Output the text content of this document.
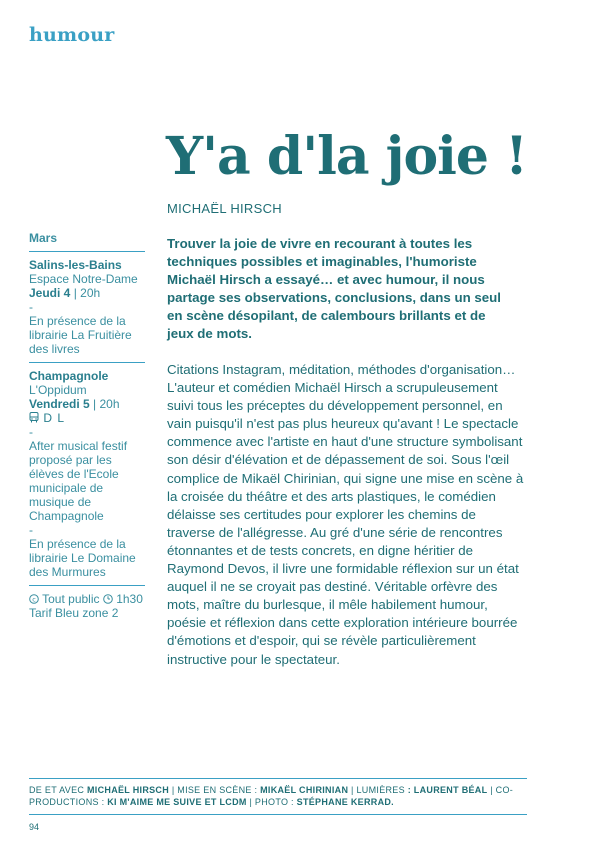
humour
Y'a d'la joie !
MICHAËL HIRSCH
Mars
Salins-les-Bains
Espace Notre-Dame
Jeudi 4 | 20h
-
En présence de la librairie La Fruitière des livres
Champagnole
L'Oppidum
Vendredi 5 | 20h
D L
-
After musical festif proposé par les élèves de l'Ecole municipale de musique de Champagnole
-
En présence de la librairie Le Domaine des Murmures
c Tout public 1h30
Tarif Bleu zone 2

Trouver la joie de vivre en recourant à toutes les techniques possibles et imaginables, l'humoriste Michaël Hirsch a essayé… et avec humour, il nous partage ses observations, conclusions, dans un seul en scène désopilant, de calembours brillants et de jeux de mots.

Citations Instagram, méditation, méthodes d'organisation… L'auteur et comédien Michaël Hirsch a scrupuleusement suivi tous les préceptes du développement personnel, en vain puisqu'il n'est pas plus heureux qu'avant ! Le spectacle commence avec l'artiste en haut d'une structure symbolisant son désir d'élévation et de dépassement de soi. Sous l'œil complice de Mikaël Chirinian, qui signe une mise en scène à la croisée du théâtre et des arts plastiques, le comédien délaisse ses certitudes pour explorer les chemins de traverse de l'allégresse. Au gré d'une série de rencontres étonnantes et de tests concrets, en digne héritier de Raymond Devos, il livre une formidable réflexion sur un état auquel il ne se croyait pas destiné. Véritable orfèvre des mots, maître du burlesque, il mêle habilement humour, poésie et réflexion dans cette exploration intérieure bourrée d'émotions et d'espoir, qui se révèle particulièrement instructive pour le spectateur.

DE ET AVEC MICHAËL HIRSCH | MISE EN SCÈNE : MIKAËL CHIRINIAN | LUMIÈRES : LAURENT BÉAL | CO-PRODUCTIONS : KI M'AIME ME SUIVE ET LCDM | PHOTO : STÉPHANE KERRAD.
94
